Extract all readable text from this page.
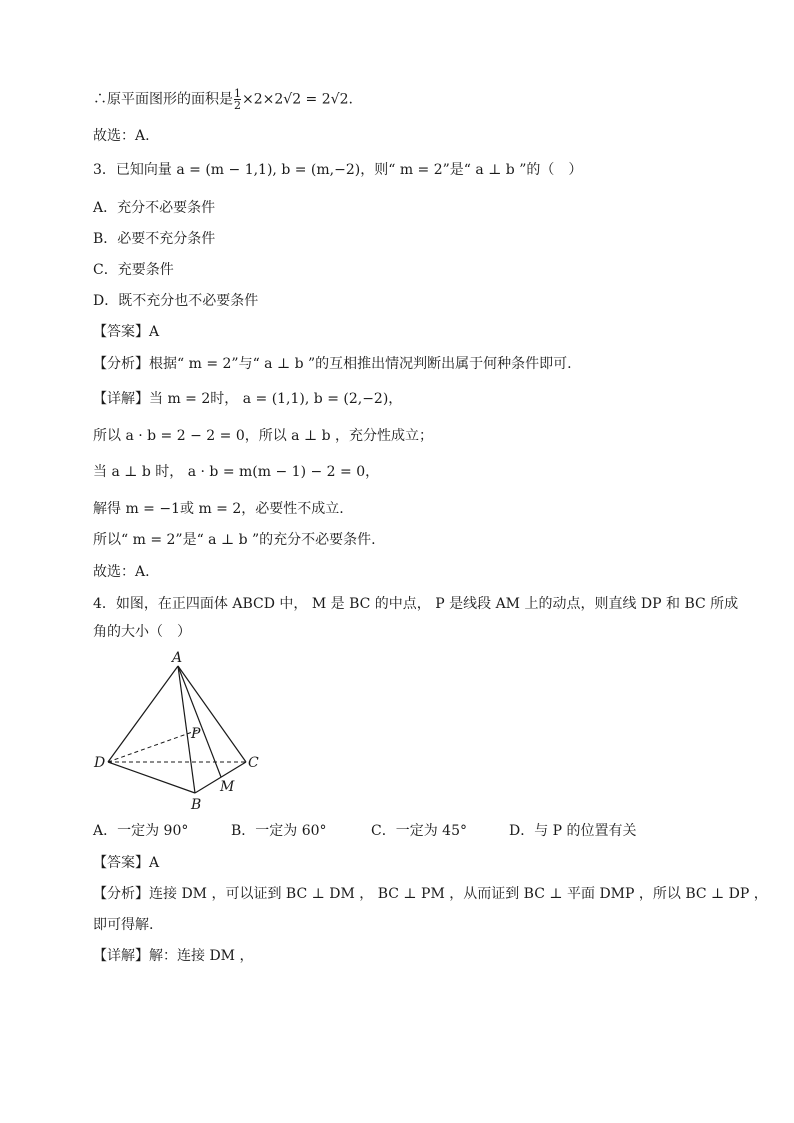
∴原平面图形的面积是$\frac{1}{2} \times 2\times 2√2 = 2√2$.
故选：A.
3．已知向量 a = (m − 1,1), b = (m,−2)，则“ m = 2”是“ a ⊥ b ”的（　）
A．充分不必要条件
B．必要不充分条件
C．充要条件
D．既不充分也不必要条件
【答案】A
【分析】根据“ m = 2”与“ a ⊥ b ”的互相推出情况判断出属于何种条件即可.
【详解】当 m = 2时， a = (1,1), b = (2,−2)，
所以 a · b = 2 − 2 = 0，所以 a ⊥ b ，充分性成立；
当 a ⊥ b 时， a · b = m(m − 1) − 2 = 0，
解得 m = −1或 m = 2，必要性不成立.
所以“ m = 2”是“ a ⊥ b ”的充分不必要条件.
故选：A.
4．如图，在正四面体 ABCD 中， M 是 BC 的中点， P 是线段 AM 上的动点，则直线 DP 和 BC 所成
角的大小（　）
A
D	C
B
M
P
A．一定为 90°	B．一定为 60°	C．一定为 45°	D．与 P 的位置有关
【答案】A
【分析】连接 DM ，可以证到 BC ⊥ DM ， BC ⊥ PM ，从而证到 BC ⊥ 平面 DMP ，所以 BC ⊥ DP ，
即可得解.
【详解】解：连接 DM ，
